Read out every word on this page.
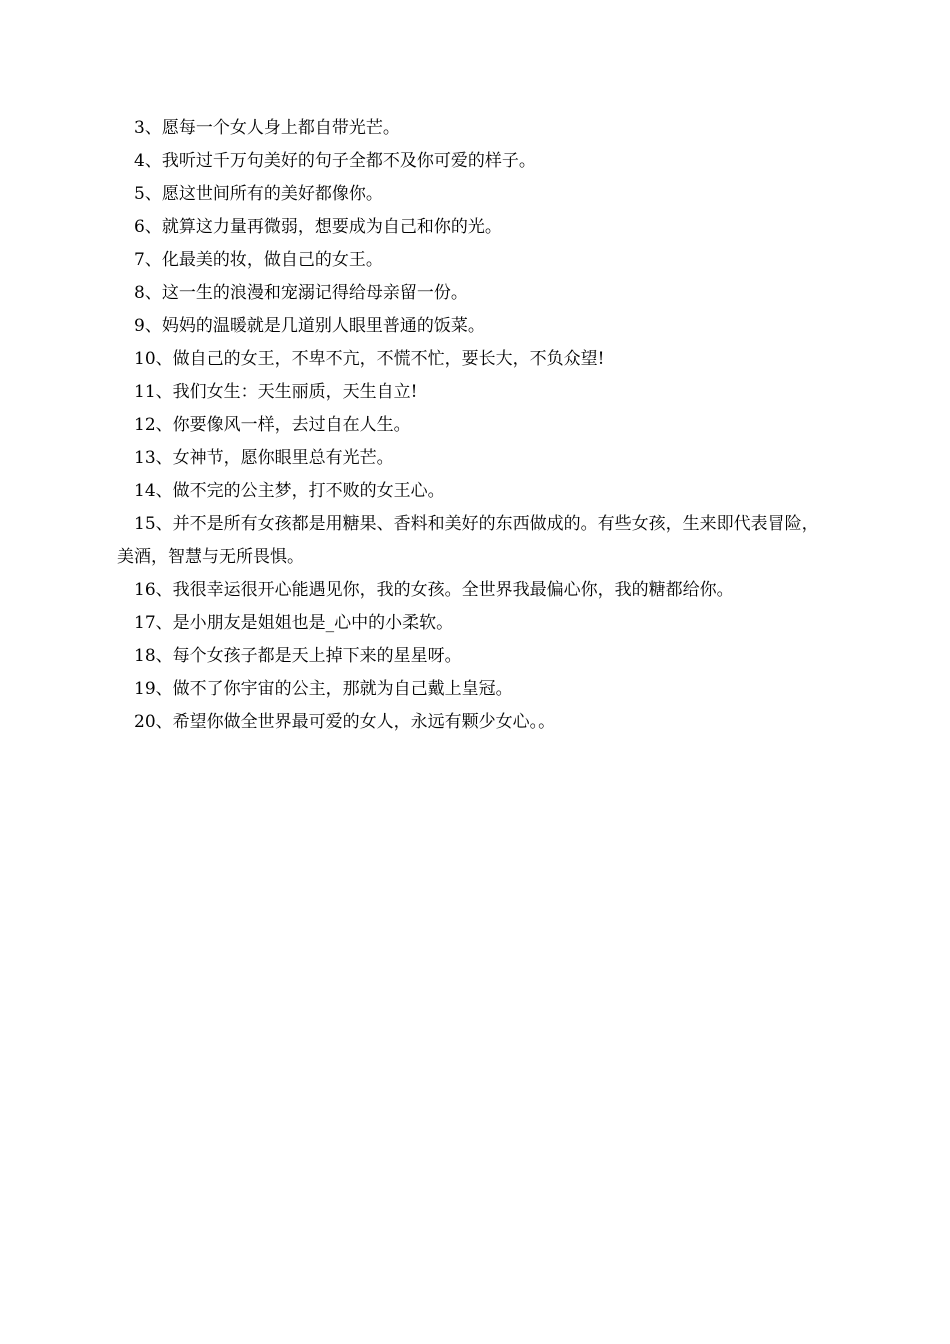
3、愿每一个女人身上都自带光芒。

4、我听过千万句美好的句子全都不及你可爱的样子。

5、愿这世间所有的美好都像你。

6、就算这力量再微弱，想要成为自己和你的光。

7、化最美的妆，做自己的女王。

8、这一生的浪漫和宠溺记得给母亲留一份。

9、妈妈的温暖就是几道别人眼里普通的饭菜。

10、做自己的女王，不卑不亢，不慌不忙，要长大，不负众望!

11、我们女生：天生丽质，天生自立!

12、你要像风一样，去过自在人生。

13、女神节，愿你眼里总有光芒。

14、做不完的公主梦，打不败的女王心。

15、并不是所有女孩都是用糖果、香料和美好的东西做成的。有些女孩，生来即代表冒险，美酒，智慧与无所畏惧。

16、我很幸运很开心能遇见你，我的女孩。全世界我最偏心你，我的糖都给你。

17、是小朋友是姐姐也是_心中的小柔软。

18、每个女孩子都是天上掉下来的星星呀。

19、做不了你宇宙的公主，那就为自己戴上皇冠。

20、希望你做全世界最可爱的女人，永远有颗少女心。。
